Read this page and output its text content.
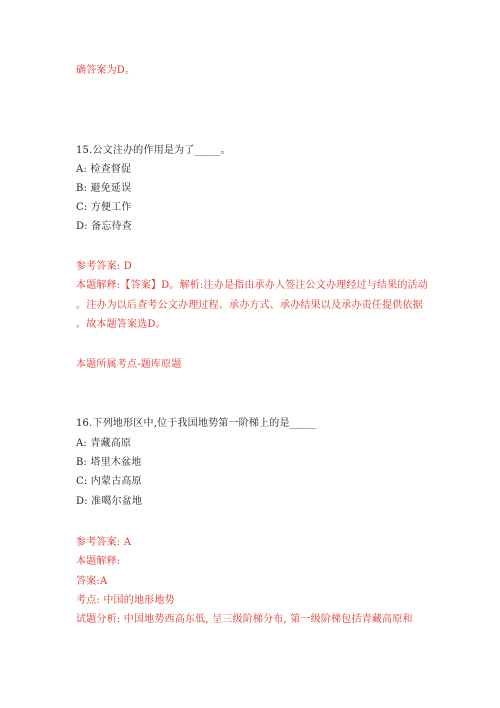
确答案为D。
15.公文注办的作用是为了_____。
A: 检查督促
B: 避免延误
C: 方便工作
D: 备忘待查
参考答案: D
本题解释:【答案】D。解析:注办是指由承办人签注公文办理经过与结果的活动
。注办为以后查考公文办理过程、承办方式、承办结果以及承办责任提供依据
。故本题答案选D。
本题所属考点-题库原题
16.下列地形区中,位于我国地势第一阶梯上的是_____
A: 青藏高原
B: 塔里木盆地
C: 内蒙古高原
D: 准噶尔盆地
参考答案: A
本题解释:
答案:A
考点: 中国的地形地势
试题分析: 中国地势西高东低, 呈三级阶梯分布, 第一级阶梯包括青藏高原和
